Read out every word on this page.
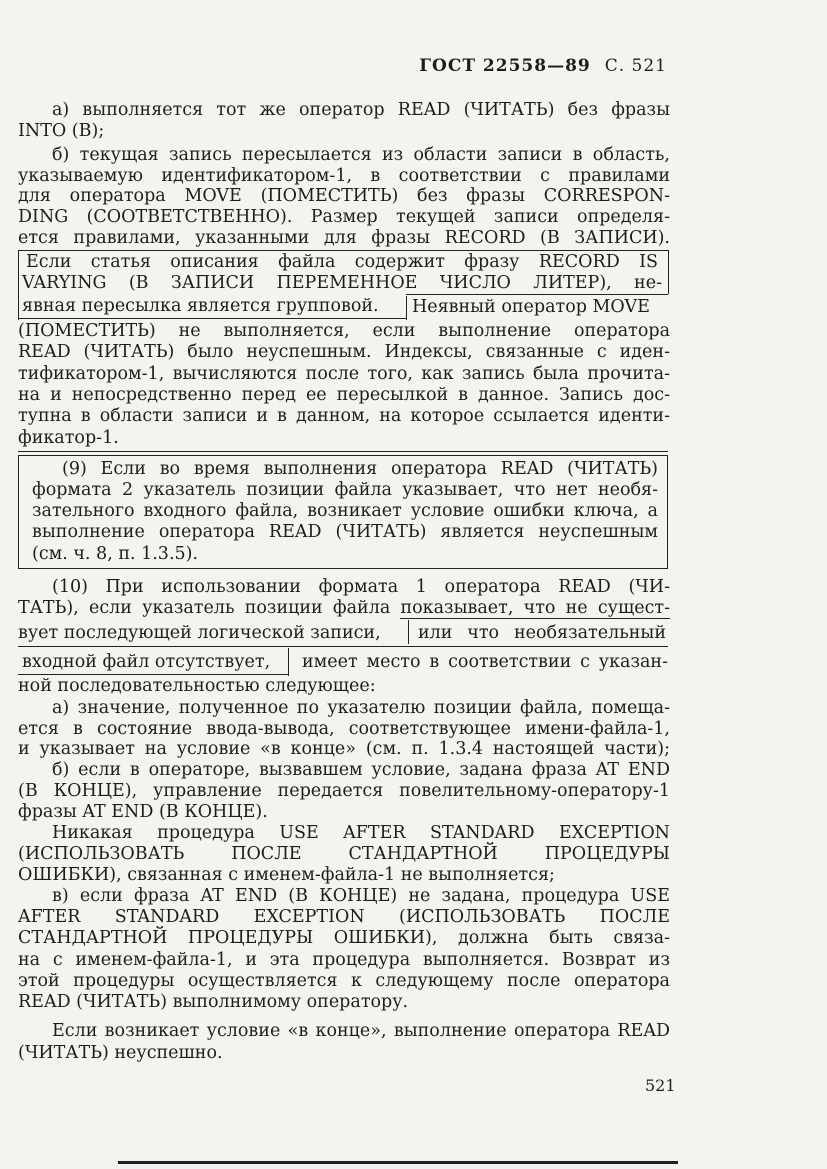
ГОСТ 22558—89 С. 521
а) выполняется тот же оператор READ (ЧИТАТЬ) без фразы
INTO (B);
б) текущая запись пересылается из области записи в область,
указываемую идентификатором-1, в соответствии с правилами
для оператора MOVE (ПОМЕСТИТЬ) без фразы CORRESPON-
DING (СООТВЕТСТВЕННО). Размер текущей записи определя-
ется правилами, указанными для фразы RECORD (В ЗАПИСИ).
Если статья описания файла содержит фразу RECORD IS
VARYING (В ЗАПИСИ ПЕРЕМЕННОЕ ЧИСЛО ЛИТЕР), не-
явная пересылка является групповой.	Неявный оператор MOVE
(ПОМЕСТИТЬ) не выполняется, если выполнение оператора
READ (ЧИТАТЬ) было неуспешным. Индексы, связанные с иден-
тификатором-1, вычисляются после того, как запись была прочита-
на и непосредственно перед ее пересылкой в данное. Запись дос-
тупна в области записи и в данном, на которое ссылается иденти-
фикатор-1.
(9) Если во время выполнения оператора READ (ЧИТАТЬ)
формата 2 указатель позиции файла указывает, что нет необя-
зательного входного файла, возникает условие ошибки ключа, а
выполнение оператора READ (ЧИТАТЬ) является неуспешным
(см. ч. 8, п. 1.3.5).
(10) При использовании формата 1 оператора READ (ЧИ-
ТАТЬ), если указатель позиции файла показывает, что не сущест-
вует последующей логической записи,	или что необязательный
входной файл отсутствует,	имеет место в соответствии с указан-
ной последовательностью следующее:
а) значение, полученное по указателю позиции файла, помеща-
ется в состояние ввода-вывода, соответствующее имени-файла-1,
и указывает на условие «в конце» (см. п. 1.3.4 настоящей части);
б) если в операторе, вызвавшем условие, задана фраза AT END
(В КОНЦЕ), управление передается повелительному-оператору-1
фразы AT END (В КОНЦЕ).
Никакая процедура USE AFTER STANDARD EXCEPTION
(ИСПОЛЬЗОВАТЬ ПОСЛЕ СТАНДАРТНОЙ ПРОЦЕДУРЫ
ОШИБКИ), связанная с именем-файла-1 не выполняется;
в) если фраза AT END (В КОНЦЕ) не задана, процедура USE
AFTER STANDARD EXCEPTION (ИСПОЛЬЗОВАТЬ ПОСЛЕ
СТАНДАРТНОЙ ПРОЦЕДУРЫ ОШИБКИ), должна быть связа-
на с именем-файла-1, и эта процедура выполняется. Возврат из
этой процедуры осуществляется к следующему после оператора
READ (ЧИТАТЬ) выполнимому оператору.
Если возникает условие «в конце», выполнение оператора READ
(ЧИТАТЬ) неуспешно.
521
